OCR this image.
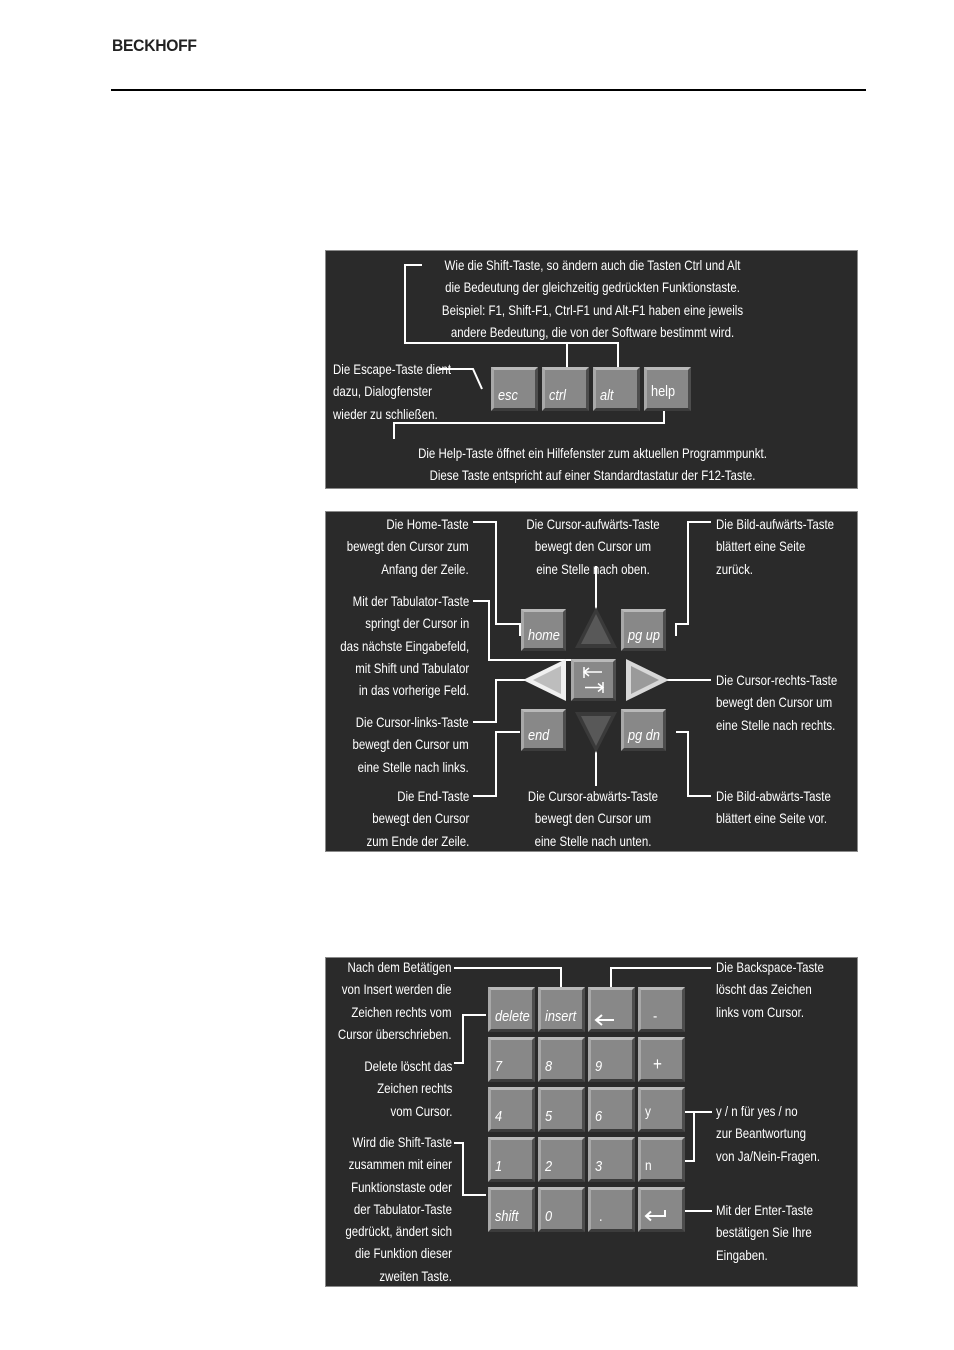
BECKHOFF
Wie die Shift-Taste, so ändern auch die Tasten Ctrl und Alt
die Bedeutung der gleichzeitig gedrückten Funktionstaste.
Beispiel: F1, Shift-F1, Ctrl-F1 und Alt-F1 haben eine jeweils
andere Bedeutung, die von der Software bestimmt wird.
Die Escape-Taste dient
dazu, Dialogfenster
wieder zu schließen.
esc ctrl alt	help
Die Help-Taste öffnet ein Hilfefenster zum aktuellen Programmpunkt.
Diese Taste entspricht auf einer Standardtastatur der F12-Taste.
Die Home-Taste
bewegt den Cursor zum
Anfang der Zeile.
Die Cursor-aufwärts-Taste
bewegt den Cursor um
eine Stelle nach oben.
Die Bild-aufwärts-Taste
blättert eine Seite
zurück.
Mit der Tabulator-Taste
springt der Cursor in
das nächste Eingabefeld,
mit Shift und Tabulator
in das vorherige Feld.
Die Cursor-rechts-Taste
bewegt den Cursor um
eine Stelle nach rechts.
Die Cursor-links-Taste
bewegt den Cursor um
eine Stelle nach links.
Die End-Taste
bewegt den Cursor
zum Ende der Zeile.
Die Cursor-abwärts-Taste
bewegt den Cursor um
eine Stelle nach unten.
Die Bild-abwärts-Taste
blättert eine Seite vor.
home	pg up
end	pg dn
Nach dem Betätigen
von Insert werden die
Zeichen rechts vom
Cursor überschrieben.
Die Backspace-Taste
löscht das Zeichen
links vom Cursor.
Delete löscht das
Zeichen rechts
vom Cursor.	y / n für yes / no
zur Beantwortung
von Ja/Nein-Fragen.
Wird die Shift-Taste
zusammen mit einer
Funktionstaste oder
der Tabulator-Taste
gedrückt, ändert sich
die Funktion dieser
zweiten Taste.
Mit der Enter-Taste
bestätigen Sie Ihre
Eingaben.
delete insert	-
7	8	9	+
4	5	6	y
1	2	3	n
shift 0	.
